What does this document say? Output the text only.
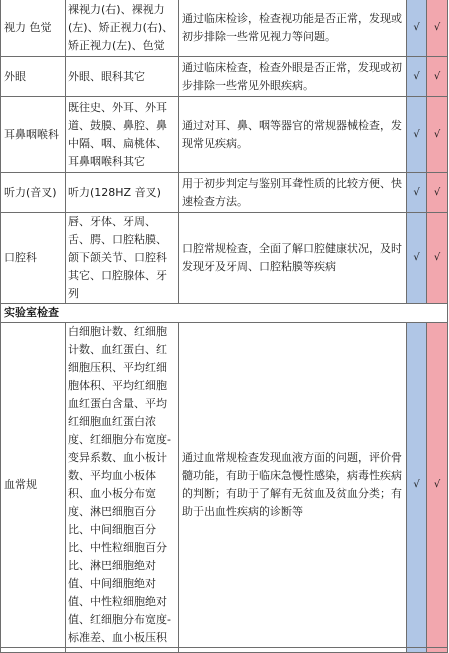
视力 色觉	裸视力(右)、裸视力(左)、矫正视力(右)、矫正视力(左)、色觉	通过临床检诊，检查视功能是否正常，发现或初步排除一些常见视力等问题。	√	√
外眼	外眼、眼科其它	通过临床检查，检查外眼是否正常，发现或初步排除一些常见外眼疾病。	√	√
耳鼻咽喉科	既往史、外耳、外耳道、鼓膜、鼻腔、鼻中隔、咽、扁桃体、耳鼻咽喉科其它	通过对耳、鼻、咽等器官的常规器械检查，发现常见疾病。	√	√
听力(音叉)	听力(128HZ 音叉)	用于初步判定与鉴别耳聋性质的比较方便、快速检查方法。	√	√
口腔科	唇、牙体、牙周、舌、腭、口腔粘膜、颌下颌关节、口腔科其它、口腔腺体、牙列	口腔常规检查，全面了解口腔健康状况，及时发现牙及牙周、口腔粘膜等疾病	√	√
实验室检查				
血常规	白细胞计数、红细胞计数、血红蛋白、红细胞压积、平均红细胞体积、平均红细胞血红蛋白含量、平均红细胞血红蛋白浓度、红细胞分布宽度-变异系数、血小板计数、平均血小板体积、血小板分布宽度、淋巴细胞百分比、中间细胞百分比、中性粒细胞百分比、淋巴细胞绝对值、中间细胞绝对值、中性粒细胞绝对值、红细胞分布宽度-标准差、血小板压积	通过血常规检查发现血液方面的问题，评价骨髓功能，有助于临床急慢性感染，病毒性疾病的判断；有助于了解有无贫血及贫血分类；有助于出血性疾病的诊断等	√	√
